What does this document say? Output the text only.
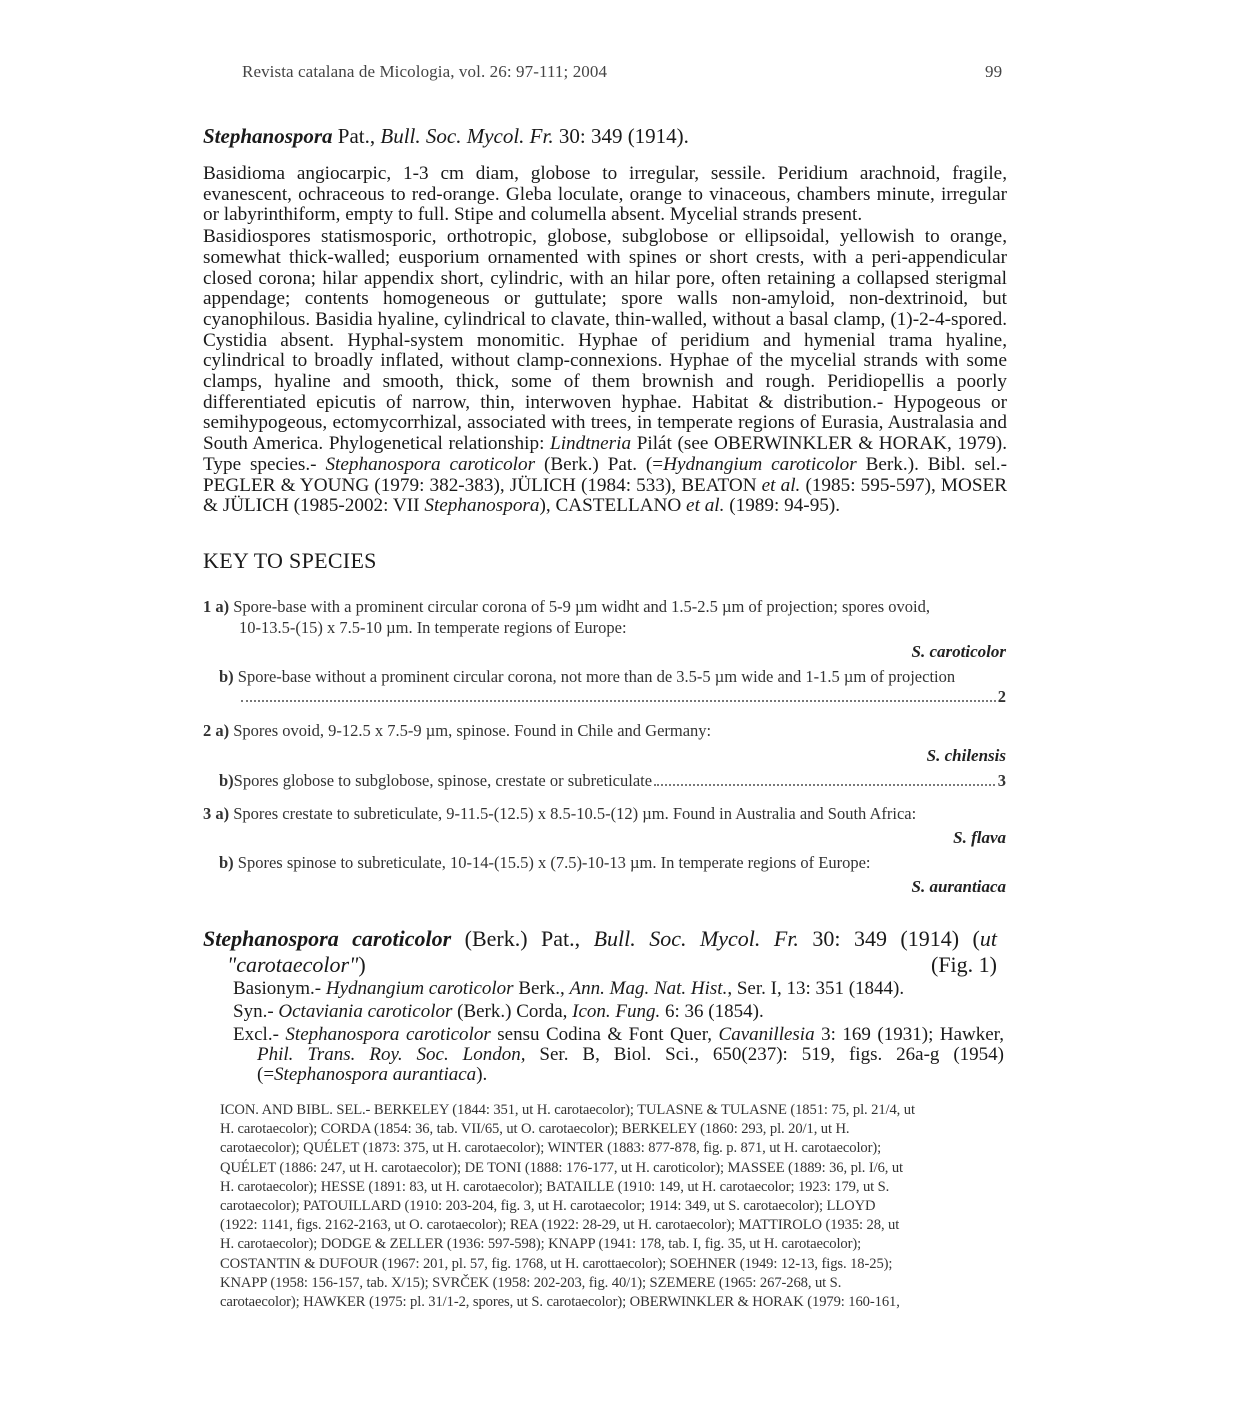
Revista catalana de Micologia, vol. 26: 97-111; 2004	99
Stephanospora Pat., Bull. Soc. Mycol. Fr. 30: 349 (1914).

Basidioma angiocarpic, 1-3 cm diam, globose to irregular, sessile. Peridium arachnoid, fragile, evanescent, ochraceous to red-orange. Gleba loculate, orange to vinaceous, chambers minute, irregular or labyrinthiform, empty to full. Stipe and columella absent. Mycelial strands present.

Basidiospores statismosporic, orthotropic, globose, subglobose or ellipsoidal, yellowish to orange, somewhat thick-walled; eusporium ornamented with spines or short crests, with a peri-appendicular closed corona; hilar appendix short, cylindric, with an hilar pore, often retaining a collapsed sterigmal appendage; contents homogeneous or guttulate; spore walls non-amyloid, non-dextrinoid, but cyanophilous. Basidia hyaline, cylindrical to clavate, thin-walled, without a basal clamp, (1)-2-4-spored. Cystidia absent. Hyphal-system monomitic. Hyphae of peridium and hymenial trama hyaline, cylindrical to broadly inflated, without clamp-connexions. Hyphae of the mycelial strands with some clamps, hyaline and smooth, thick, some of them brownish and rough. Peridiopellis a poorly differentiated epicutis of narrow, thin, interwoven hyphae. Habitat & distribution.- Hypogeous or semihypogeous, ectomycorrhizal, associated with trees, in temperate regions of Eurasia, Australasia and South America. Phylogenetical relationship: Lindtneria Pilát (see OBERWINKLER & HORAK, 1979). Type species.- Stephanospora caroticolor (Berk.) Pat. (=Hydnangium caroticolor Berk.). Bibl. sel.- PEGLER & YOUNG (1979: 382-383), JÜLICH (1984: 533), BEATON et al. (1985: 595-597), MOSER & JÜLICH (1985-2002: VII Stephanospora), CASTELLANO et al. (1989: 94-95).

KEY TO SPECIES
1 a) Spore-base with a prominent circular corona of 5-9 µm widht and 1.5-2.5 µm of projection; spores ovoid,
10-13.5-(15) x 7.5-10 µm. In temperate regions of Europe:
S. caroticolor
b) Spore-base without a prominent circular corona, not more than de 3.5-5 µm wide and 1-1.5 µm of projection
2
2 a) Spores ovoid, 9-12.5 x 7.5-9 µm, spinose. Found in Chile and Germany:
S. chilensis
b) Spores globose to subglobose, spinose, crestate or subreticulate	3
3 a) Spores crestate to subreticulate, 9-11.5-(12.5) x 8.5-10.5-(12) µm. Found in Australia and South Africa:
S. flava
b) Spores spinose to subreticulate, 10-14-(15.5) x (7.5)-10-13 µm. In temperate regions of Europe:
S. aurantiaca
Stephanospora caroticolor (Berk.) Pat., Bull. Soc. Mycol. Fr. 30: 349 (1914) (ut
"carotaecolor")	(Fig. 1)
Basionym.- Hydnangium caroticolor Berk., Ann. Mag. Nat. Hist., Ser. I, 13: 351 (1844).
Syn.- Octaviania caroticolor (Berk.) Corda, Icon. Fung. 6: 36 (1854).
Excl.- Stephanospora caroticolor sensu Codina & Font Quer, Cavanillesia 3: 169 (1931); Hawker, Phil. Trans. Roy. Soc. London, Ser. B, Biol. Sci., 650(237): 519, figs. 26a-g (1954) (=Stephanospora aurantiaca).
ICON. AND BIBL. SEL.- BERKELEY (1844: 351, ut H. carotaecolor); TULASNE & TULASNE (1851: 75, pl. 21/4, ut
H. carotaecolor); CORDA (1854: 36, tab. VII/65, ut O. carotaecolor); BERKELEY (1860: 293, pl. 20/1, ut H.
carotaecolor); QUÉLET (1873: 375, ut H. carotaecolor); WINTER (1883: 877-878, fig. p. 871, ut H. carotaecolor);
QUÉLET (1886: 247, ut H. carotaecolor); DE TONI (1888: 176-177, ut H. caroticolor); MASSEE (1889: 36, pl. I/6, ut
H. carotaecolor); HESSE (1891: 83, ut H. carotaecolor); BATAILLE (1910: 149, ut H. carotaecolor; 1923: 179, ut S.
carotaecolor); PATOUILLARD (1910: 203-204, fig. 3, ut H. carotaecolor; 1914: 349, ut S. carotaecolor); LLOYD
(1922: 1141, figs. 2162-2163, ut O. carotaecolor); REA (1922: 28-29, ut H. carotaecolor); MATTIROLO (1935: 28, ut
H. carotaecolor); DODGE & ZELLER (1936: 597-598); KNAPP (1941: 178, tab. I, fig. 35, ut H. carotaecolor);
COSTANTIN & DUFOUR (1967: 201, pl. 57, fig. 1768, ut H. carottaecolor); SOEHNER (1949: 12-13, figs. 18-25);
KNAPP (1958: 156-157, tab. X/15); SVRČEK (1958: 202-203, fig. 40/1); SZEMERE (1965: 267-268, ut S.
carotaecolor); HAWKER (1975: pl. 31/1-2, spores, ut S. carotaecolor); OBERWINKLER & HORAK (1979: 160-161,
